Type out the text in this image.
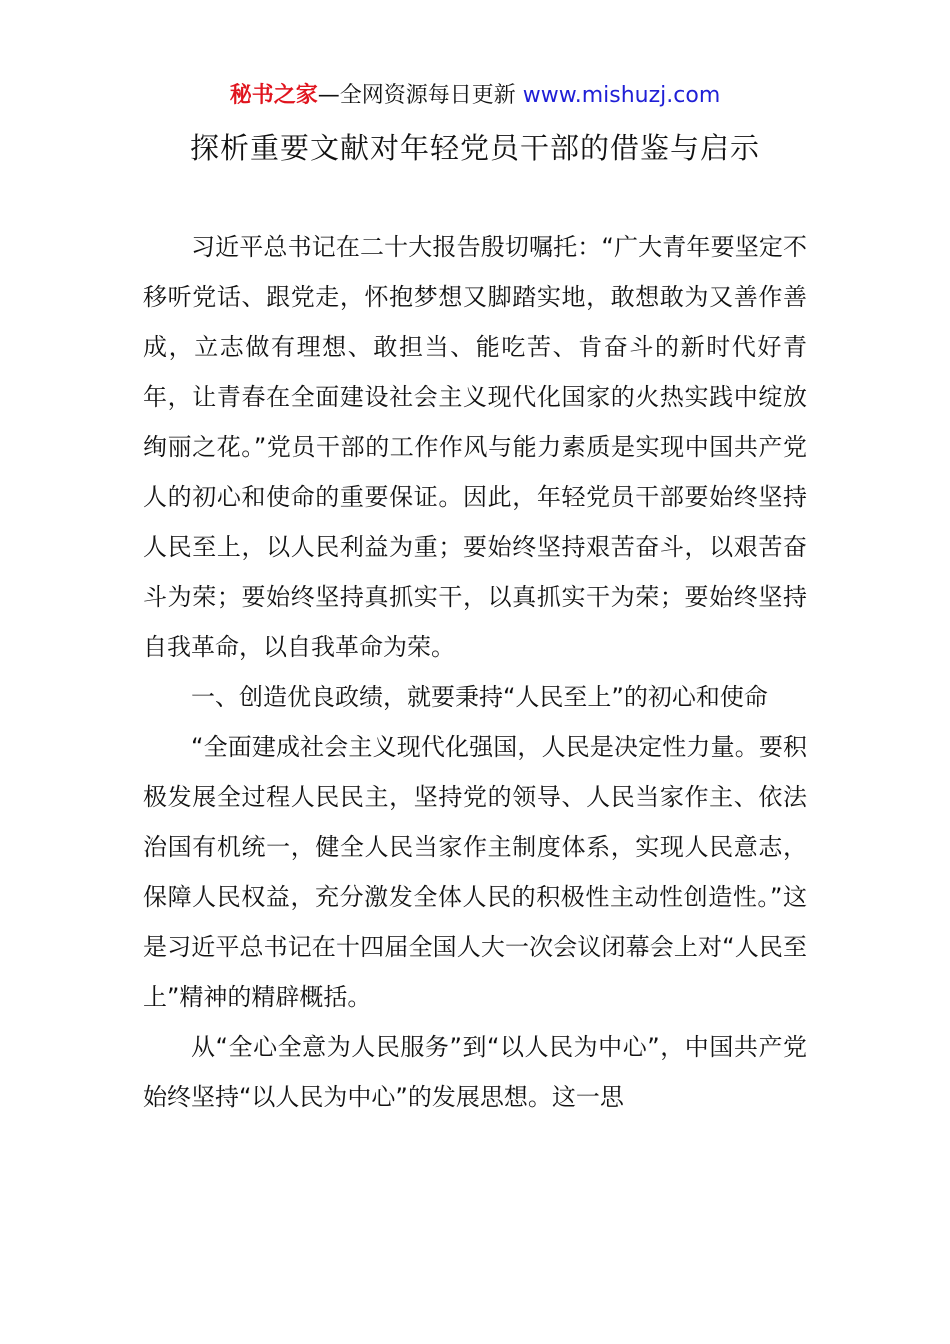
秘书之家—全网资源每日更新 www.mishuzj.com
探析重要文献对年轻党员干部的借鉴与启示

习近平总书记在二十大报告殷切嘱托：“广大青年要坚定不移听党话、跟党走，怀抱梦想又脚踏实地，敢想敢为又善作善成，立志做有理想、敢担当、能吃苦、肯奋斗的新时代好青年，让青春在全面建设社会主义现代化国家的火热实践中绽放绚丽之花。”党员干部的工作作风与能力素质是实现中国共产党人的初心和使命的重要保证。因此，年轻党员干部要始终坚持人民至上，以人民利益为重；要始终坚持艰苦奋斗，以艰苦奋斗为荣；要始终坚持真抓实干，以真抓实干为荣；要始终坚持自我革命，以自我革命为荣。

一、创造优良政绩，就要秉持“人民至上”的初心和使命

“全面建成社会主义现代化强国，人民是决定性力量。要积极发展全过程人民民主，坚持党的领导、人民当家作主、依法治国有机统一，健全人民当家作主制度体系，实现人民意志，保障人民权益，充分激发全体人民的积极性主动性创造性。”这是习近平总书记在十四届全国人大一次会议闭幕会上对“人民至上”精神的精辟概括。

从“全心全意为人民服务”到“以人民为中心”，中国共产党始终坚持“以人民为中心”的发展思想。这一思
